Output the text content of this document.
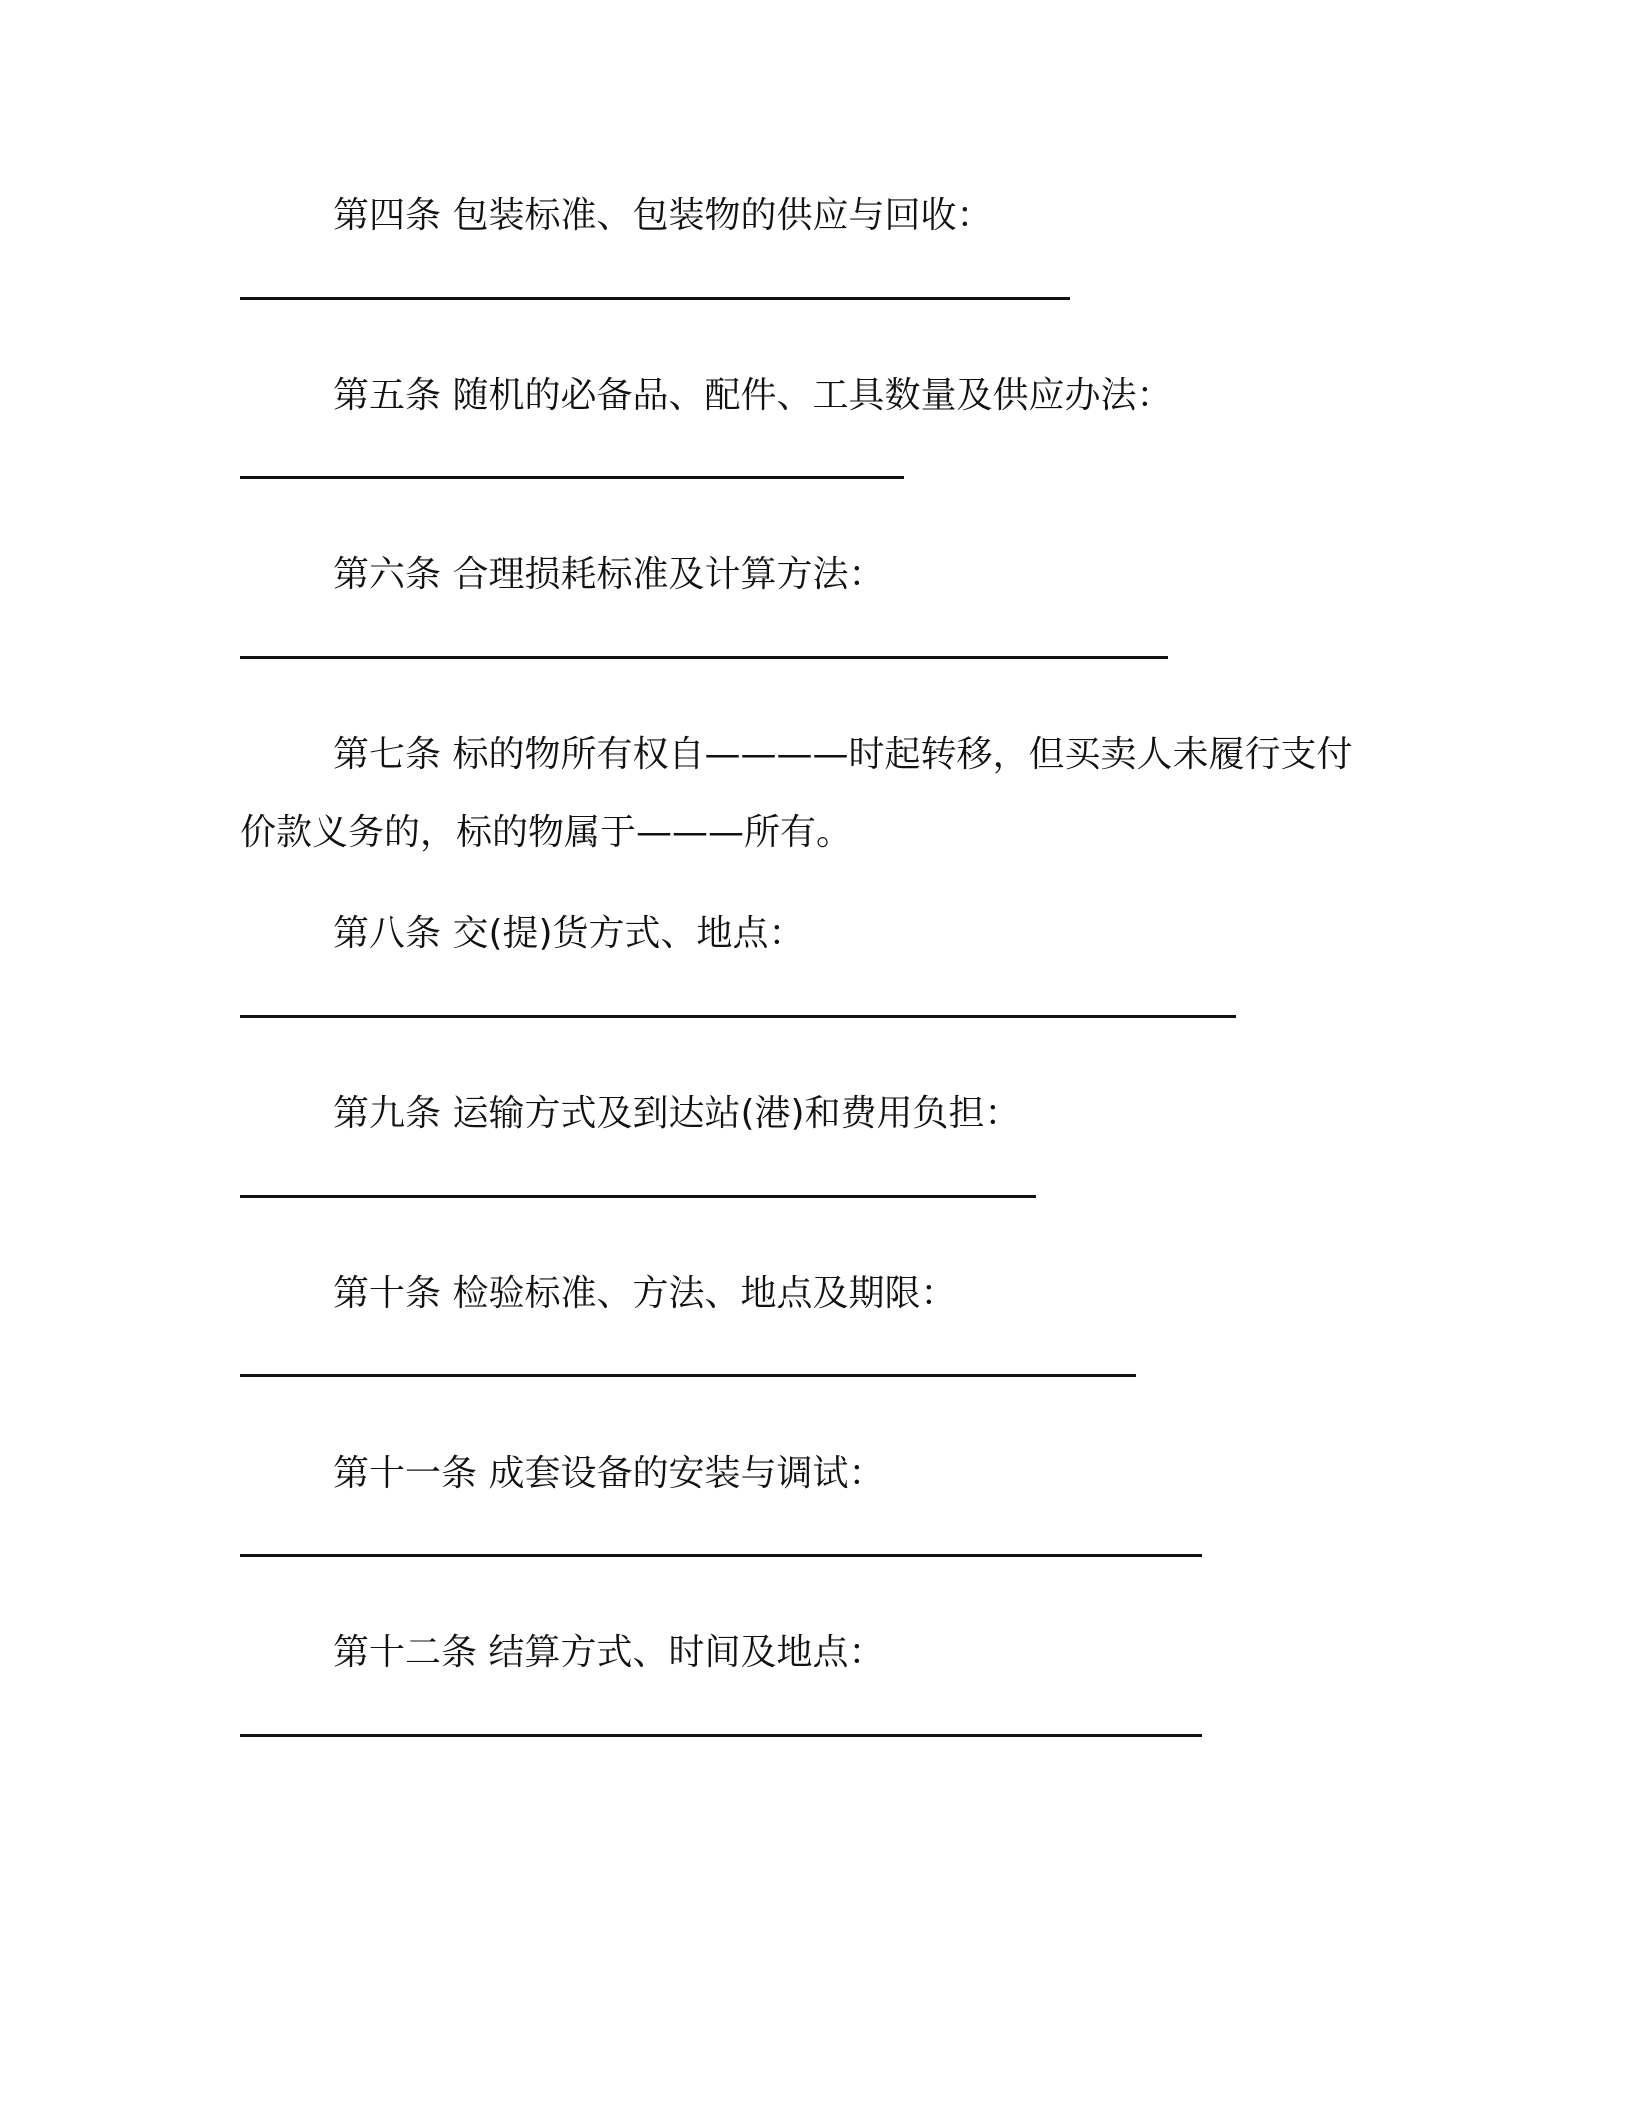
第四条 包装标准、包装物的供应与回收：
第五条 随机的必备品、配件、工具数量及供应办法：
第六条 合理损耗标准及计算方法：
第七条 标的物所有权自————时起转移，但买卖人未履行支付
价款义务的，标的物属于———所有。
第八条 交(提)货方式、地点：
第九条 运输方式及到达站(港)和费用负担：
第十条 检验标准、方法、地点及期限：
第十一条 成套设备的安装与调试：
第十二条 结算方式、时间及地点：
